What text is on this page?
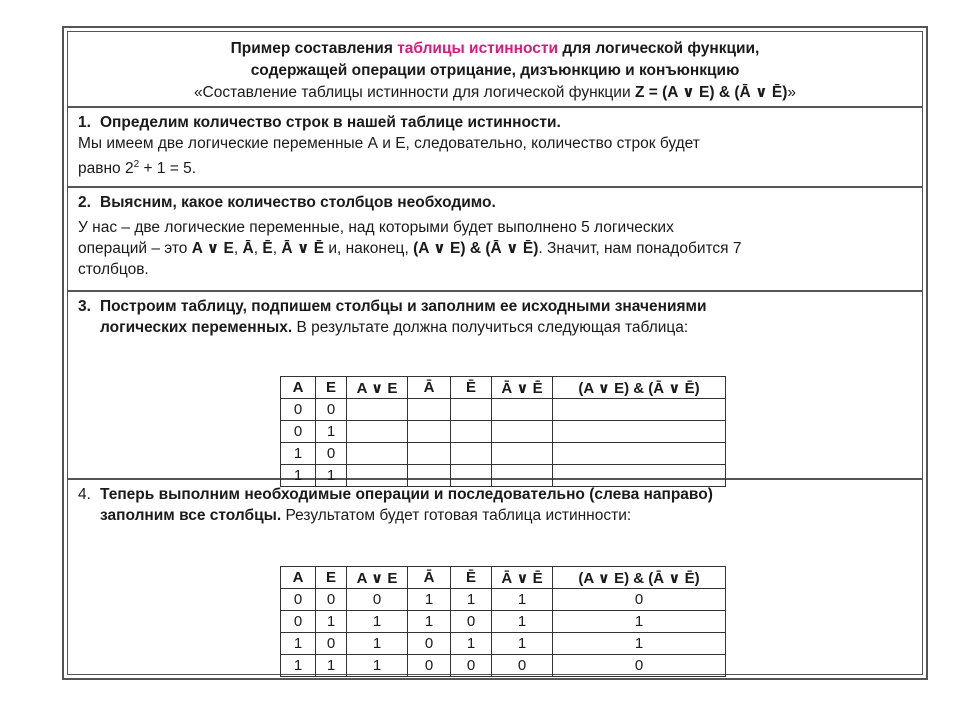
Пример составления таблицы истинности для логической функции,
содержащей операции отрицание, дизъюнкцию и конъюнкцию
«Составление таблицы истинности для логической функции Z = (A ∨ E) & (Ā ∨ Ē)»
1. Определим количество строк в нашей таблице истинности.
Мы имеем две логические переменные А и Е, следовательно, количество строк будет
равно $2^2 + 1 = 5$.
2. Выясним, какое количество столбцов необходимо.
У нас – две логические переменные, над которыми будет выполнено 5 логических
операций – это A ∨ E, Ā, Ē, Ā ∨ Ē и, наконец, (A ∨ E) & (Ā ∨ Ē). Значит, нам понадобится 7
столбцов.
3. Построим таблицу, подпишем столбцы и заполним ее исходными значениями
логических переменных. В результате должна получиться следующая таблица:
A	E	A ∨ E	Ā	Ē	Ā ∨ Ē	(A ∨ E) & (Ā ∨ Ē)
0	0					
0	1					
1	0					
1	1					
4. Теперь выполним необходимые операции и последовательно (слева направо)
заполним все столбцы. Результатом будет готовая таблица истинности:
A	E	A ∨ E	Ā	Ē	Ā ∨ Ē	(A ∨ E) & (Ā ∨ Ē)
0	0	0	1	1	1	0
0	1	1	1	0	1	1
1	0	1	0	1	1	1
1	1	1	0	0	0	0
